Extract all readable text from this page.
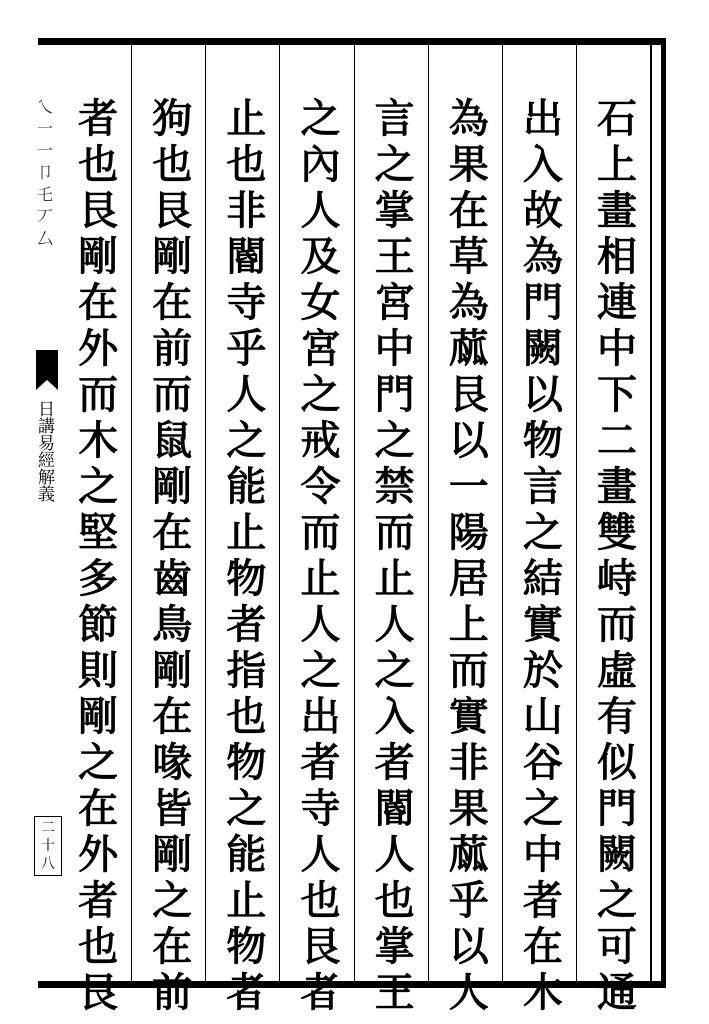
乀一一卩乇丆厶
日講易經解義
二十八	石上畫相連中下二畫雙峙而虛有似門闕之可通
出入故為門闕以物言之結實於山谷之中者在木
為果在草為蓏艮以一陽居上而實非果蓏乎以人
言之掌王宮中門之禁而止人之入者閽人也掌王
之內人及女宮之戒令而止人之出者寺人也艮者
止也非閽寺乎人之能止物者指也物之能止物者
狗也艮剛在前而鼠剛在齒鳥剛在喙皆剛之在前
者也艮剛在外而木之堅多節則剛之在外者也艮
